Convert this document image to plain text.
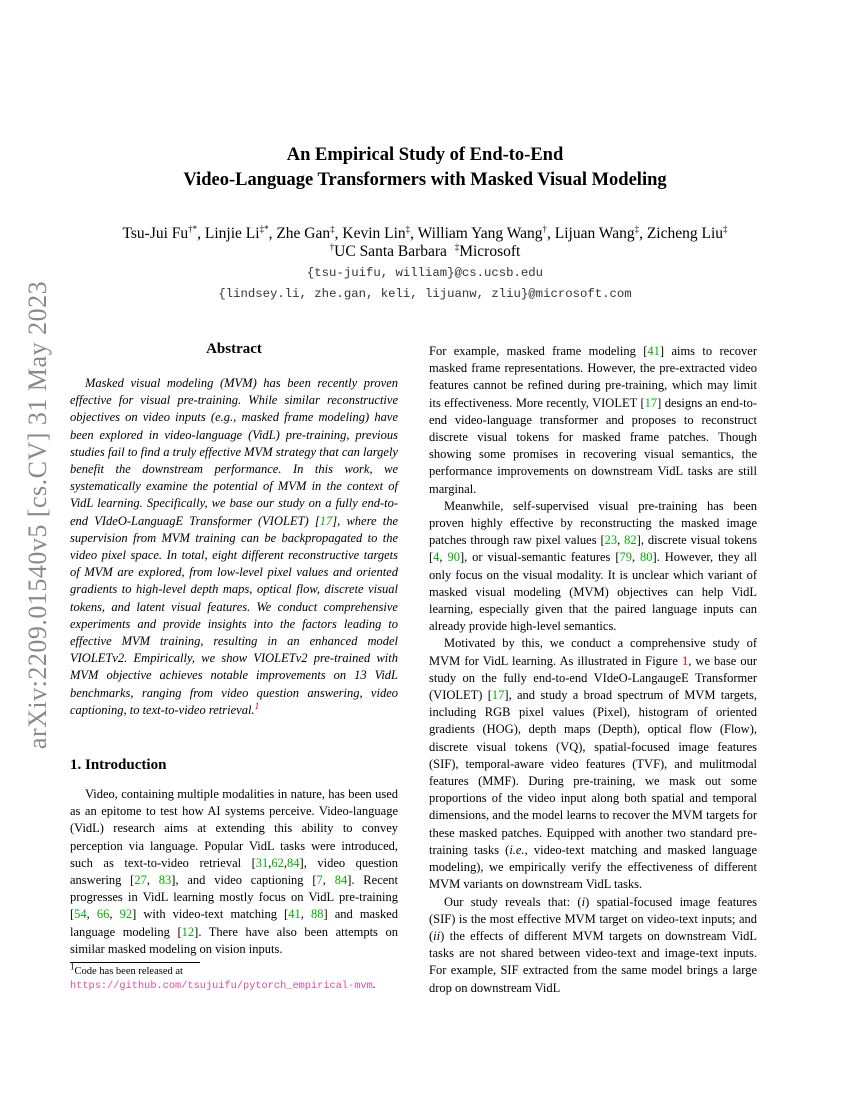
arXiv:2209.01540v5 [cs.CV] 31 May 2023
An Empirical Study of End-to-End
Video-Language Transformers with Masked Visual Modeling
Tsu-Jui Fu†*, Linjie Li‡*, Zhe Gan‡, Kevin Lin‡, William Yang Wang†, Lijuan Wang‡, Zicheng Liu‡
†UC Santa Barbara ‡Microsoft
{tsu-juifu, william}@cs.ucsb.edu
{lindsey.li, zhe.gan, keli, lijuanw, zliu}@microsoft.com
Abstract

Masked visual modeling (MVM) has been recently proven effective for visual pre-training. While similar reconstructive objectives on video inputs (e.g., masked frame modeling) have been explored in video-language (VidL) pre-training, previous studies fail to find a truly effective MVM strategy that can largely benefit the downstream performance. In this work, we systematically examine the potential of MVM in the context of VidL learning. Specifically, we base our study on a fully end-to-end VIdeO-LanguagE Transformer (VIOLET) [17], where the supervision from MVM training can be backpropagated to the video pixel space. In total, eight different reconstructive targets of MVM are explored, from low-level pixel values and oriented gradients to high-level depth maps, optical flow, discrete visual tokens, and latent visual features. We conduct comprehensive experiments and provide insights into the factors leading to effective MVM training, resulting in an enhanced model VIOLETv2. Empirically, we show VIOLETv2 pre-trained with MVM objective achieves notable improvements on 13 VidL benchmarks, ranging from video question answering, video captioning, to text-to-video retrieval.$^1$

1. Introduction

Video, containing multiple modalities in nature, has been used as an epitome to test how AI systems perceive. Video-language (VidL) research aims at extending this ability to convey perception via language. Popular VidL tasks were introduced, such as text-to-video retrieval [31,62,84], video question answering [27, 83], and video captioning [7, 84]. Recent progresses in VidL learning mostly focus on VidL pre-training [54, 66, 92] with video-text matching [41, 88] and masked language modeling [12]. There have also been attempts on similar masked modeling on vision inputs.

$^1$Code has been released at https://github.com/tsujuifu/pytorch_empirical-mvm.

For example, masked frame modeling [41] aims to recover masked frame representations. However, the pre-extracted video features cannot be refined during pre-training, which may limit its effectiveness. More recently, VIOLET [17] designs an end-to-end video-language transformer and proposes to reconstruct discrete visual tokens for masked frame patches. Though showing some promises in recovering visual semantics, the performance improvements on downstream VidL tasks are still marginal.

Meanwhile, self-supervised visual pre-training has been proven highly effective by reconstructing the masked image patches through raw pixel values [23, 82], discrete visual tokens [4, 90], or visual-semantic features [79, 80]. However, they all only focus on the visual modality. It is unclear which variant of masked visual modeling (MVM) objectives can help VidL learning, especially given that the paired language inputs can already provide high-level semantics.

Motivated by this, we conduct a comprehensive study of MVM for VidL learning. As illustrated in Figure 1, we base our study on the fully end-to-end VIdeO-LangaugeE Transformer (VIOLET) [17], and study a broad spectrum of MVM targets, including RGB pixel values (Pixel), histogram of oriented gradients (HOG), depth maps (Depth), optical flow (Flow), discrete visual tokens (VQ), spatial-focused image features (SIF), temporal-aware video features (TVF), and mulitmodal features (MMF). During pre-training, we mask out some proportions of the video input along both spatial and temporal dimensions, and the model learns to recover the MVM targets for these masked patches. Equipped with another two standard pre-training tasks (i.e., video-text matching and masked language modeling), we empirically verify the effectiveness of different MVM variants on downstream VidL tasks.

Our study reveals that: (i) spatial-focused image features (SIF) is the most effective MVM target on video-text inputs; and (ii) the effects of different MVM targets on downstream VidL tasks are not shared between video-text and image-text inputs. For example, SIF extracted from the same model brings a large drop on downstream VidL
